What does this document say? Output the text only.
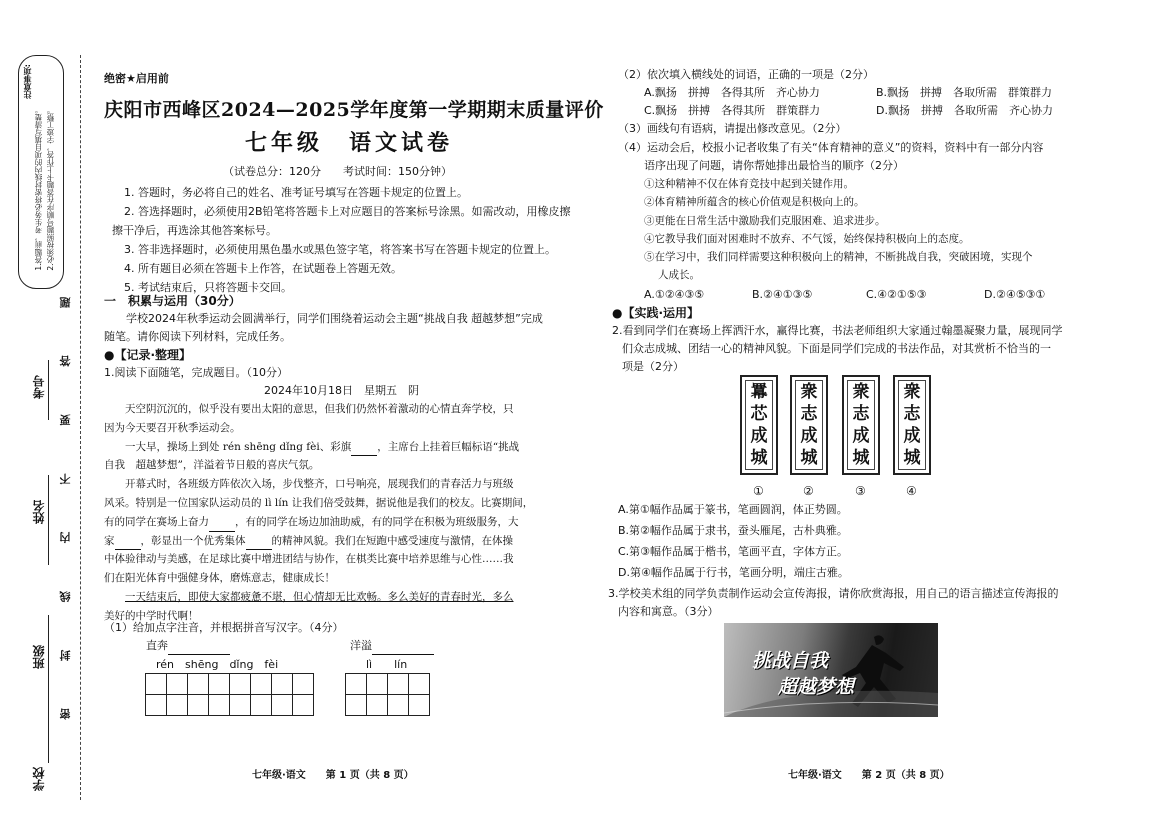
注意事项:
1.答题前，考生务必将密封线内的项目填写清楚。 2.必须按照题号顺序在答题卡上作答，字迹工整。
考号
姓名
班级
学校
密 封 线 内 不 要 答 题
绝密★启用前
庆阳市西峰区2024—2025学年度第一学期期末质量评价
七年级　语文试卷
（试卷总分：120分　　考试时间：150分钟）
1. 答题时，务必将自己的姓名、准考证号填写在答题卡规定的位置上。
2. 答选择题时，必须使用2B铅笔将答题卡上对应题目的答案标号涂黑。如需改动，用橡皮擦
擦干净后，再选涂其他答案标号。
3. 答非选择题时，必须使用黑色墨水或黑色签字笔，将答案书写在答题卡规定的位置上。
4. 所有题目必须在答题卡上作答，在试题卷上答题无效。
5. 考试结束后，只将答题卡交回。
一　积累与运用（30分）
学校2024年秋季运动会圆满举行，同学们围绕着运动会主题“挑战自我 超越梦想”完成
随笔。请你阅读下列材料，完成任务。
●【记录·整理】
1.阅读下面随笔，完成题目。（10分）
2024年10月18日　星期五　阴
天空阴沉沉的，似乎没有要出太阳的意思，但我们仍然怀着激动的心情直奔学校，只
因为今天要召开秋季运动会。
一大早，操场上到处 rén shēng dǐng fèi、彩旗 ，主席台上挂着巨幅标语“挑战
自我　超越梦想”，洋溢着节日般的喜庆气氛。
开幕式时，各班级方阵依次入场，步伐整齐，口号响亮，展现我们的青春活力与班级
风采。特别是一位国家队运动员的 lì lín 让我们倍受鼓舞，据说他是我们的校友。比赛期间，
有的同学在赛场上奋力 ，有的同学在场边加油助威，有的同学在积极为班级服务，大
家 ，彰显出一个优秀集体 的精神风貌。我们在短跑中感受速度与激情，在体操
中体验律动与美感，在足球比赛中增进团结与协作，在棋类比赛中培养思维与心性……我
们在阳光体育中强健身体，磨炼意志，健康成长！
一天结束后，即使大家都疲惫不堪，但心情却无比欢畅。多么美好的青春时光，多么
美好的中学时代啊！
（1）给加点字注音，并根据拼音写汉字。（4分）
直奔	洋溢
rén　shēng　dǐng　fèi	lì　　lín
七年级·语文　　第 1 页（共 8 页）
（2）依次填入横线处的词语，正确的一项是（2分）
A.飘扬　拼搏　各得其所　齐心协力	B.飘扬　拼搏　各取所需　群策群力
C.飘扬　拼搏　各得其所　群策群力	D.飘扬　拼搏　各取所需　齐心协力
（3）画线句有语病，请提出修改意见。（2分）
（4）运动会后，校报小记者收集了有关“体育精神的意义”的资料，资料中有一部分内容
语序出现了问题，请你帮她排出最恰当的顺序（2分）
①这种精神不仅在体育竞技中起到关键作用。
②体育精神所蕴含的核心价值观是积极向上的。
③更能在日常生活中激励我们克服困难、追求进步。
④它教导我们面对困难时不放弃、不气馁，始终保持积极向上的态度。
⑤在学习中，我们同样需要这种积极向上的精神，不断挑战自我，突破困境，实现个
人成长。
A.①②④③⑤	B.②④①③⑤	C.④②①⑤③	D.②④⑤③①
●【实践·运用】
2.看到同学们在赛场上挥洒汗水，赢得比赛，书法老师组织大家通过翰墨凝聚力量，展现同学
们众志成城、团结一心的精神风貌。下面是同学们完成的书法作品，对其赏析不恰当的一
项是（2分）
羃
芯
成
城
衆
志
成
城
衆
志
成
城
衆
志
成
城
①	②	③	④
A.第①幅作品属于篆书，笔画圆润，体正势圆。
B.第②幅作品属于隶书，蚕头雁尾，古朴典雅。
C.第③幅作品属于楷书，笔画平直，字体方正。
D.第④幅作品属于行书，笔画分明，端庄古雅。
3.学校美术组的同学负责制作运动会宣传海报，请你欣赏海报，用自己的语言描述宣传海报的
内容和寓意。（3分）
挑战自我
超越梦想
七年级·语文　　第 2 页（共 8 页）
